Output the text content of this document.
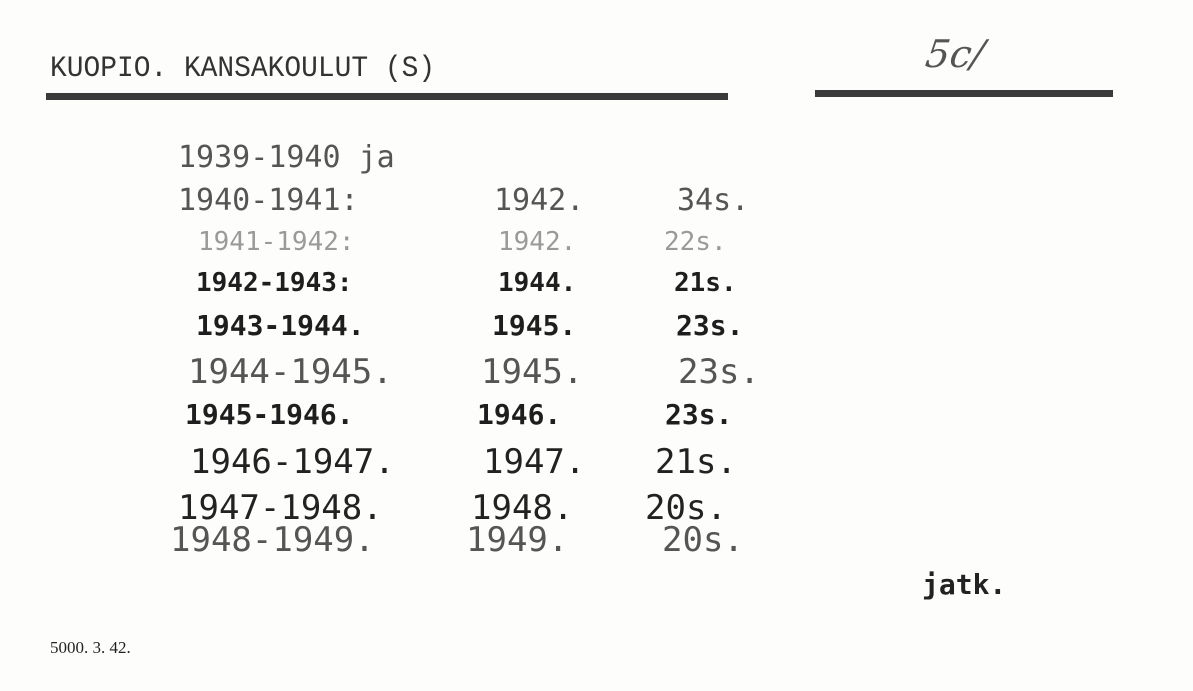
KUOPIO. KANSAKOULUT (S)	5c/
1939-1940 ja
1940-1941:	1942.	34s.
1941-1942:	1942.	22s.
1942-1943:	1944.	21s.
1943-1944.	1945.	23s.
1944-1945.	1945.	23s.
1945-1946.	1946.	23s.
1946-1947.	1947. 21s.
1947-1948.	1948. 20s.
1948-1949.	1949.	20s.
jatk.
5000. 3. 42.
